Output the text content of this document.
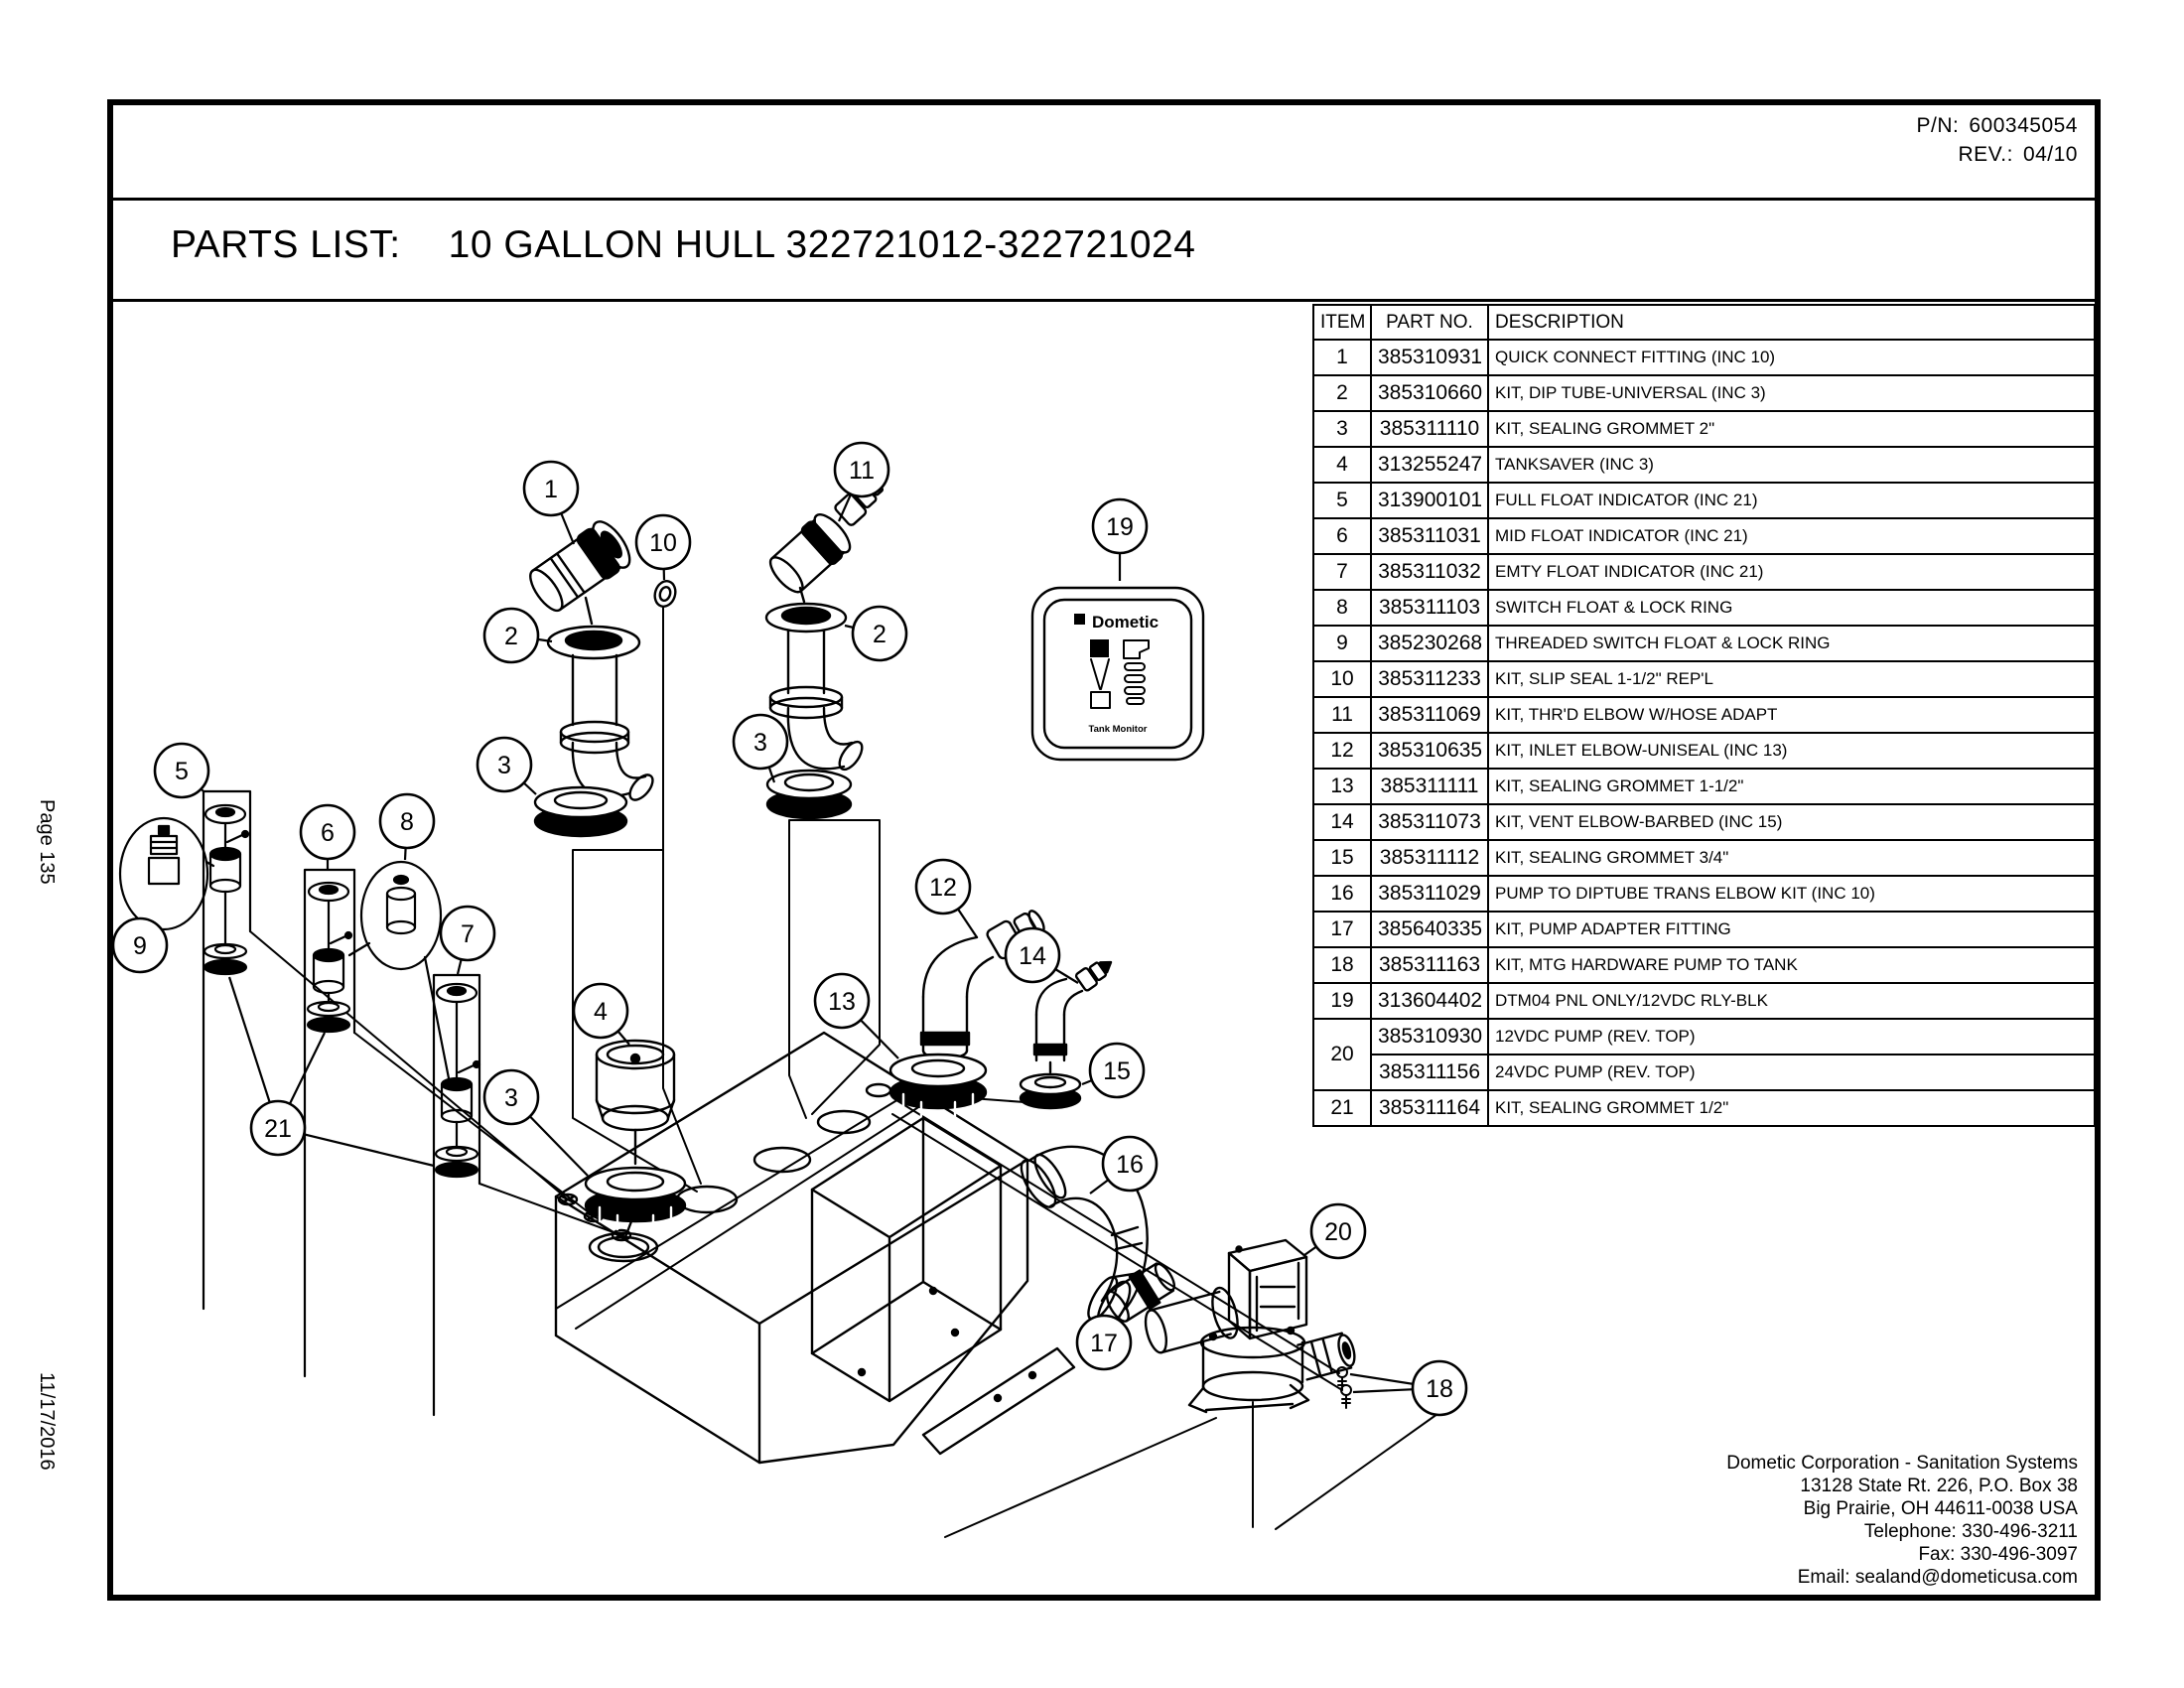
P/N: 600345054
REV.: 04/10
PARTS LIST: 10 GALLON HULL 322721012-322721024
Page 135
11/17/2016
Dometic
Tank Monitor
1
10
11
2	2
19
3
3
5
6	8
9	7
21
4
3
12
13
14
15
16
20
17
18
ITEM	PART NO.	DESCRIPTION
1	385310931	QUICK CONNECT FITTING (INC 10)
2	385310660	KIT, DIP TUBE-UNIVERSAL (INC 3)
3	385311110	KIT, SEALING GROMMET 2"
4	313255247	TANKSAVER (INC 3)
5	313900101	FULL FLOAT INDICATOR (INC 21)
6	385311031	MID FLOAT INDICATOR (INC 21)
7	385311032	EMTY FLOAT INDICATOR (INC 21)
8	385311103	SWITCH FLOAT & LOCK RING
9	385230268	THREADED SWITCH FLOAT & LOCK RING
10	385311233	KIT, SLIP SEAL 1-1/2" REP'L
11	385311069	KIT, THR'D ELBOW W/HOSE ADAPT
12	385310635	KIT, INLET ELBOW-UNISEAL (INC 13)
13	385311111	KIT, SEALING GROMMET 1-1/2"
14	385311073	KIT, VENT ELBOW-BARBED (INC 15)
15	385311112	KIT, SEALING GROMMET 3/4"
16	385311029	PUMP TO DIPTUBE TRANS ELBOW KIT (INC 10)
17	385640335	KIT, PUMP ADAPTER FITTING
18	385311163	KIT, MTG HARDWARE PUMP TO TANK
19	313604402	DTM04 PNL ONLY/12VDC RLY-BLK
20	385310930	12VDC PUMP (REV. TOP)
	385311156	24VDC PUMP (REV. TOP)
21	385311164	KIT, SEALING GROMMET 1/2"
Dometic Corporation - Sanitation Systems
13128 State Rt. 226, P.O. Box 38
Big Prairie, OH 44611-0038 USA
Telephone: 330-496-3211
Fax: 330-496-3097
Email: sealand@dometicusa.com
